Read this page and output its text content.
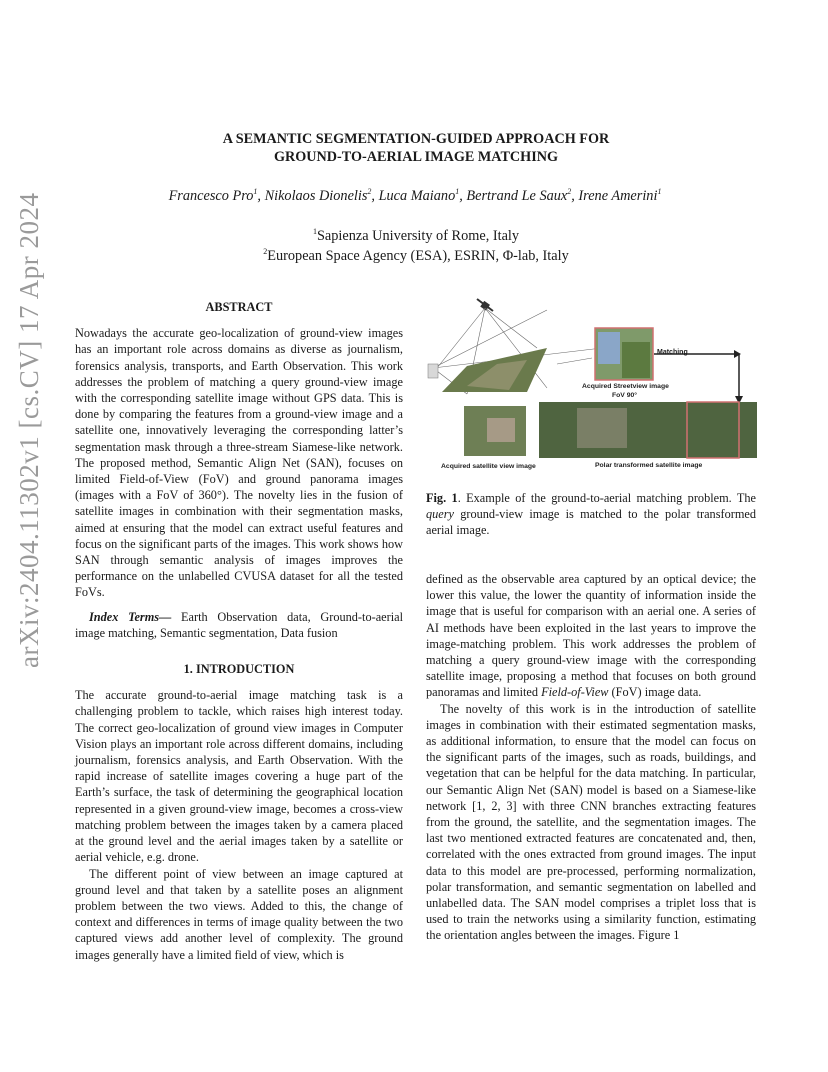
arXiv:2404.11302v1 [cs.CV] 17 Apr 2024
A SEMANTIC SEGMENTATION-GUIDED APPROACH FOR
GROUND-TO-AERIAL IMAGE MATCHING
Francesco Pro$^1$, Nikolaos Dionelis$^2$, Luca Maiano$^1$, Bertrand Le Saux$^2$, Irene Amerini$^1$
$^1$Sapienza University of Rome, Italy
$^2$European Space Agency (ESA), ESRIN, Φ-lab, Italy
ABSTRACT

Nowadays the accurate geo-localization of ground-view images has an important role across domains as diverse as journalism, forensics analysis, transports, and Earth Observation. This work addresses the problem of matching a query ground-view image with the corresponding satellite image without GPS data. This is done by comparing the features from a ground-view image and a satellite one, innovatively leveraging the corresponding latter’s segmentation mask through a three-stream Siamese-like network. The proposed method, Semantic Align Net (SAN), focuses on limited Field-of-View (FoV) and ground panorama images (images with a FoV of 360°). The novelty lies in the fusion of satellite images in combination with their segmentation masks, aimed at ensuring that the model can extract useful features and focus on the significant parts of the images. This work shows how SAN through semantic analysis of images improves the performance on the unlabelled CVUSA dataset for all the tested FoVs.

Index Terms— Earth Observation data, Ground-to-aerial image matching, Semantic segmentation, Data fusion

1. INTRODUCTION

The accurate ground-to-aerial image matching task is a challenging problem to tackle, which raises high interest today. The correct geo-localization of ground view images in Computer Vision plays an important role across different domains, including journalism, forensics analysis, and Earth Observation. With the rapid increase of satellite images covering a huge part of the Earth’s surface, the task of determining the geographical location represented in a given ground-view image, becomes a cross-view matching problem between the images taken by a camera placed at the ground level and the aerial images taken by a satellite or aerial vehicle, e.g. drone.

The different point of view between an image captured at ground level and that taken by a satellite poses an alignment problem between the two views. Added to this, the change of context and differences in terms of image quality between the two captured views add another level of complexity. The ground images generally have a limited field of view, which is

Matching
Acquired Streetview image
FoV 90°
Acquired satellite view image	Polar transformed satellite image
Fig. 1. Example of the ground-to-aerial matching problem. The query ground-view image is matched to the polar transformed aerial image.

defined as the observable area captured by an optical device; the lower this value, the lower the quantity of information inside the image that is useful for comparison with an aerial one. A series of AI methods have been exploited in the last years to improve the image-matching problem. This work addresses the problem of matching a query ground-view image with the corresponding satellite image, proposing a method that focuses on both ground panoramas and limited Field-of-View (FoV) image data.

The novelty of this work is in the introduction of satellite images in combination with their estimated segmentation masks, as additional information, to ensure that the model can focus on the significant parts of the images, such as roads, buildings, and vegetation that can be helpful for the data matching. In particular, our Semantic Align Net (SAN) model is based on a Siamese-like network [1, 2, 3] with three CNN branches extracting features from the ground, the satellite, and the segmentation images. The last two mentioned extracted features are concatenated and, then, correlated with the ones extracted from ground images. The input data to this model are pre-processed, performing normalization, polar transformation, and semantic segmentation on labelled and unlabelled data. The SAN model comprises a triplet loss that is used to train the networks using a similarity function, estimating the orientation angles between the images. Figure 1
